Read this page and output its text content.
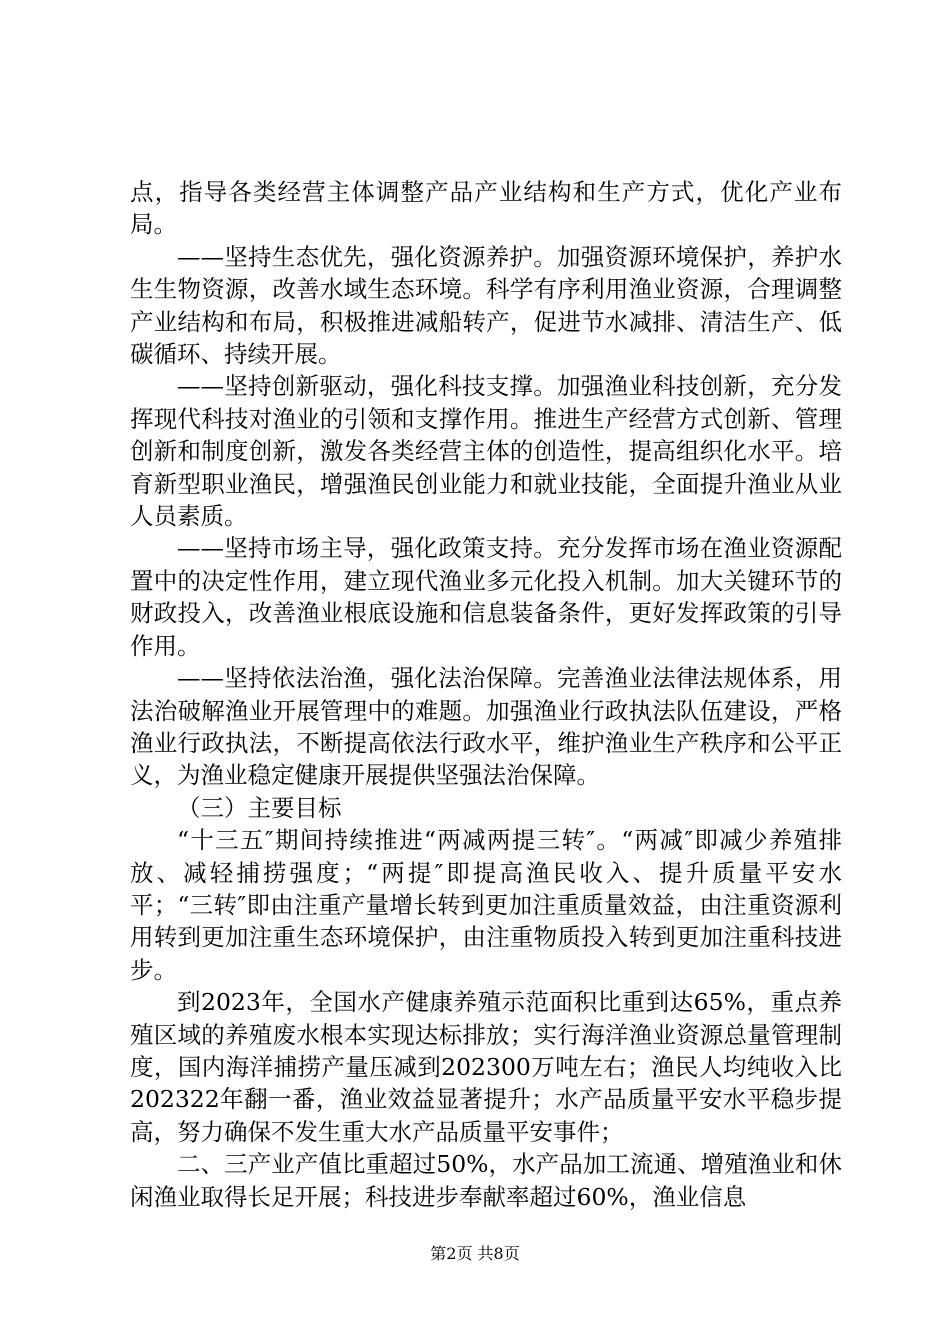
点，指导各类经营主体调整产品产业结构和生产方式，优化产业布局。

——坚持生态优先，强化资源养护。加强资源环境保护，养护水生生物资源，改善水域生态环境。科学有序利用渔业资源，合理调整产业结构和布局，积极推进减船转产，促进节水减排、清洁生产、低碳循环、持续开展。

——坚持创新驱动，强化科技支撑。加强渔业科技创新，充分发挥现代科技对渔业的引领和支撑作用。推进生产经营方式创新、管理创新和制度创新，激发各类经营主体的创造性，提高组织化水平。培育新型职业渔民，增强渔民创业能力和就业技能，全面提升渔业从业人员素质。

——坚持市场主导，强化政策支持。充分发挥市场在渔业资源配置中的决定性作用，建立现代渔业多元化投入机制。加大关键环节的财政投入，改善渔业根底设施和信息装备条件，更好发挥政策的引导作用。

——坚持依法治渔，强化法治保障。完善渔业法律法规体系，用法治破解渔业开展管理中的难题。加强渔业行政执法队伍建设，严格渔业行政执法，不断提高依法行政水平，维护渔业生产秩序和公平正义，为渔业稳定健康开展提供坚强法治保障。

（三）主要目标

“十三五″期间持续推进“两减两提三转″。“两减″即减少养殖排放、减轻捕捞强度；“两提″即提高渔民收入、提升质量平安水平；“三转″即由注重产量增长转到更加注重质量效益，由注重资源利用转到更加注重生态环境保护，由注重物质投入转到更加注重科技进步。

到2023年，全国水产健康养殖示范面积比重到达65%，重点养殖区域的养殖废水根本实现达标排放；实行海洋渔业资源总量管理制度，国内海洋捕捞产量压减到202300万吨左右；渔民人均纯收入比202322年翻一番，渔业效益显著提升；水产品质量平安水平稳步提高，努力确保不发生重大水产品质量平安事件；

二、三产业产值比重超过50%，水产品加工流通、增殖渔业和休闲渔业取得长足开展；科技进步奉献率超过60%，渔业信息

第2页 共8页
